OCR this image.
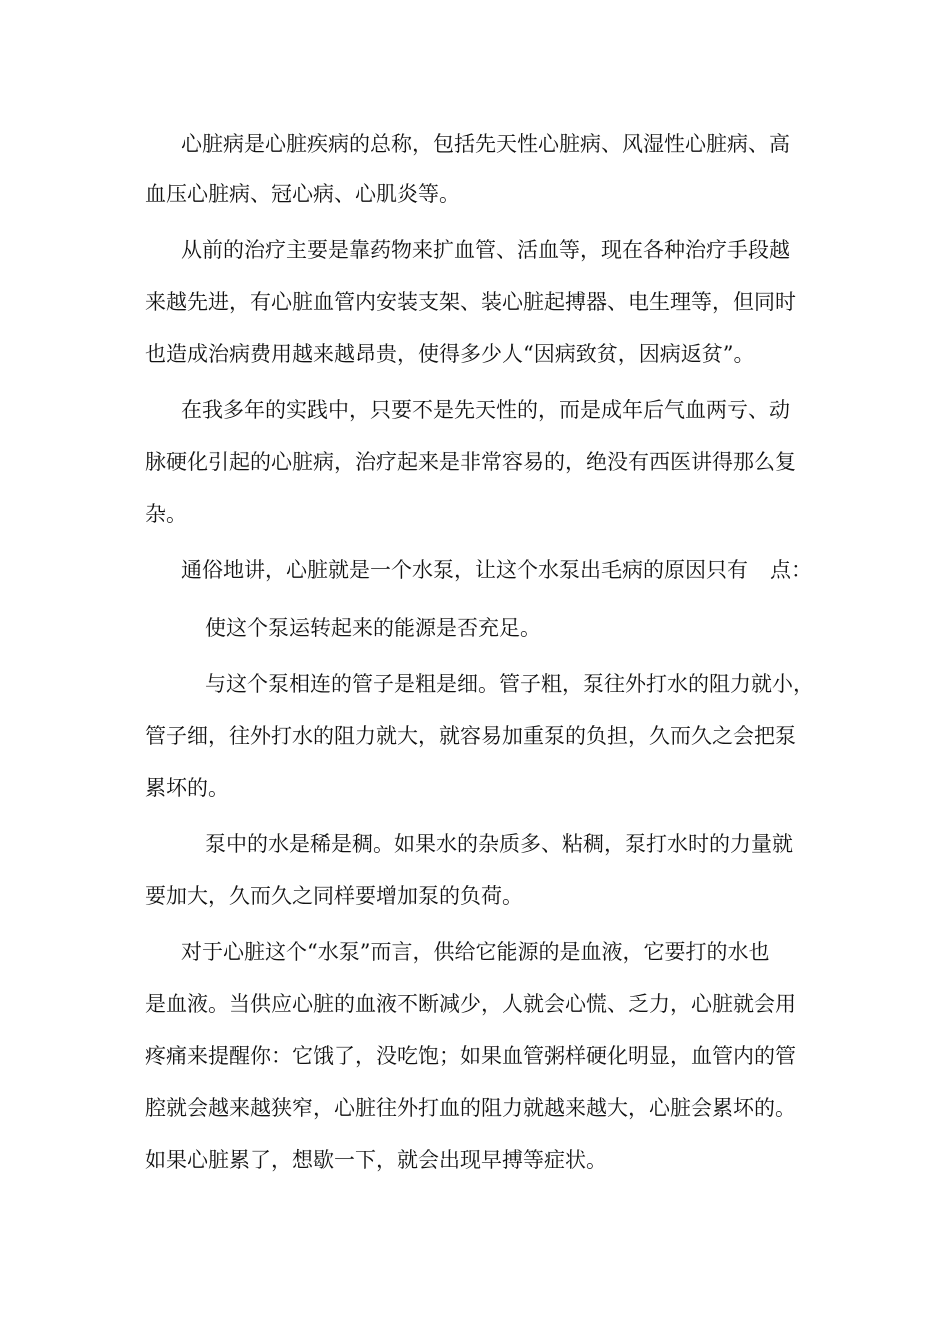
心脏病是心脏疾病的总称，包括先天性心脏病、风湿性心脏病、高
血压心脏病、冠心病、心肌炎等。
从前的治疗主要是靠药物来扩血管、活血等，现在各种治疗手段越
来越先进，有心脏血管内安装支架、装心脏起搏器、电生理等，但同时
也造成治病费用越来越昂贵，使得多少人“因病致贫，因病返贫”。
在我多年的实践中，只要不是先天性的，而是成年后气血两亏、动
脉硬化引起的心脏病，治疗起来是非常容易的，绝没有西医讲得那么复
杂。
通俗地讲，心脏就是一个水泵，让这个水泵出毛病的原因只有 点：
使这个泵运转起来的能源是否充足。
与这个泵相连的管子是粗是细。管子粗，泵往外打水的阻力就小，
管子细，往外打水的阻力就大，就容易加重泵的负担，久而久之会把泵
累坏的。
泵中的水是稀是稠。如果水的杂质多、粘稠，泵打水时的力量就
要加大，久而久之同样要增加泵的负荷。
对于心脏这个“水泵”而言，供给它能源的是血液，它要打的水也
是血液。当供应心脏的血液不断减少，人就会心慌、乏力，心脏就会用
疼痛来提醒你：它饿了，没吃饱；如果血管粥样硬化明显，血管内的管
腔就会越来越狭窄，心脏往外打血的阻力就越来越大，心脏会累坏的。
如果心脏累了，想歇一下，就会出现早搏等症状。
